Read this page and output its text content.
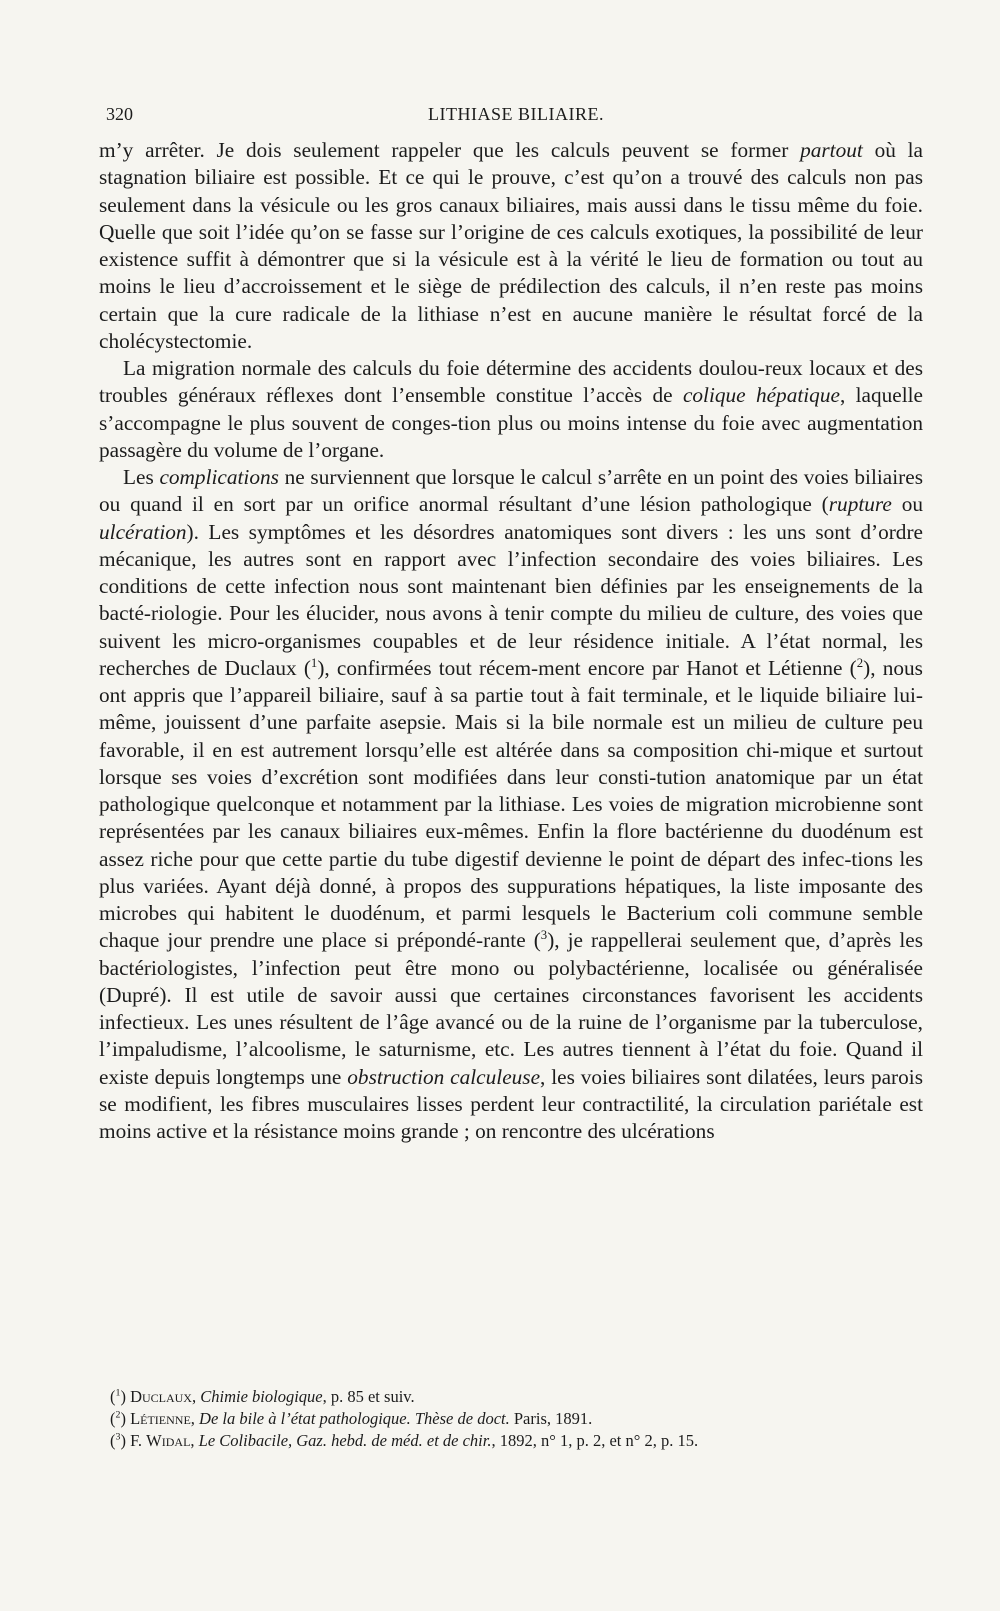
320	LITHIASE BILIAIRE.

m’y arrêter. Je dois seulement rappeler que les calculs peuvent se former partout où la stagnation biliaire est possible. Et ce qui le prouve, c’est qu’on a trouvé des calculs non pas seulement dans la vésicule ou les gros canaux biliaires, mais aussi dans le tissu même du foie. Quelle que soit l’idée qu’on se fasse sur l’origine de ces calculs exotiques, la possibilité de leur existence suffit à démontrer que si la vésicule est à la vérité le lieu de formation ou tout au moins le lieu d’accroissement et le siège de prédilection des calculs, il n’en reste pas moins certain que la cure radicale de la lithiase n’est en aucune manière le résultat forcé de la cholécystectomie.

La migration normale des calculs du foie détermine des accidents doulou-reux locaux et des troubles généraux réflexes dont l’ensemble constitue l’accès de colique hépatique, laquelle s’accompagne le plus souvent de conges-tion plus ou moins intense du foie avec augmentation passagère du volume de l’organe.

Les complications ne surviennent que lorsque le calcul s’arrête en un point des voies biliaires ou quand il en sort par un orifice anormal résultant d’une lésion pathologique (rupture ou ulcération). Les symptômes et les désordres anatomiques sont divers : les uns sont d’ordre mécanique, les autres sont en rapport avec l’infection secondaire des voies biliaires. Les conditions de cette infection nous sont maintenant bien définies par les enseignements de la bacté-riologie. Pour les élucider, nous avons à tenir compte du milieu de culture, des voies que suivent les micro-organismes coupables et de leur résidence initiale. A l’état normal, les recherches de Duclaux ($^1$), confirmées tout récem-ment encore par Hanot et Létienne ($^2$), nous ont appris que l’appareil biliaire, sauf à sa partie tout à fait terminale, et le liquide biliaire lui-même, jouissent d’une parfaite asepsie. Mais si la bile normale est un milieu de culture peu favorable, il en est autrement lorsqu’elle est altérée dans sa composition chi-mique et surtout lorsque ses voies d’excrétion sont modifiées dans leur consti-tution anatomique par un état pathologique quelconque et notamment par la lithiase. Les voies de migration microbienne sont représentées par les canaux biliaires eux-mêmes. Enfin la flore bactérienne du duodénum est assez riche pour que cette partie du tube digestif devienne le point de départ des infec-tions les plus variées. Ayant déjà donné, à propos des suppurations hépatiques, la liste imposante des microbes qui habitent le duodénum, et parmi lesquels le Bacterium coli commune semble chaque jour prendre une place si prépondé-rante ($^3$), je rappellerai seulement que, d’après les bactériologistes, l’infection peut être mono ou polybactérienne, localisée ou généralisée (Dupré). Il est utile de savoir aussi que certaines circonstances favorisent les accidents infectieux. Les unes résultent de l’âge avancé ou de la ruine de l’organisme par la tuberculose, l’impaludisme, l’alcoolisme, le saturnisme, etc. Les autres tiennent à l’état du foie. Quand il existe depuis longtemps une obstruction calculeuse, les voies biliaires sont dilatées, leurs parois se modifient, les fibres musculaires lisses perdent leur contractilité, la circulation pariétale est moins active et la résistance moins grande ; on rencontre des ulcérations

($^1$) Duclaux, Chimie biologique, p. 85 et suiv.
($^2$) Létienne, De la bile à l’état pathologique. Thèse de doct. Paris, 1891.
($^3$) F. Widal, Le Colibacile, Gaz. hebd. de méd. et de chir., 1892, n° 1, p. 2, et n° 2, p. 15.
